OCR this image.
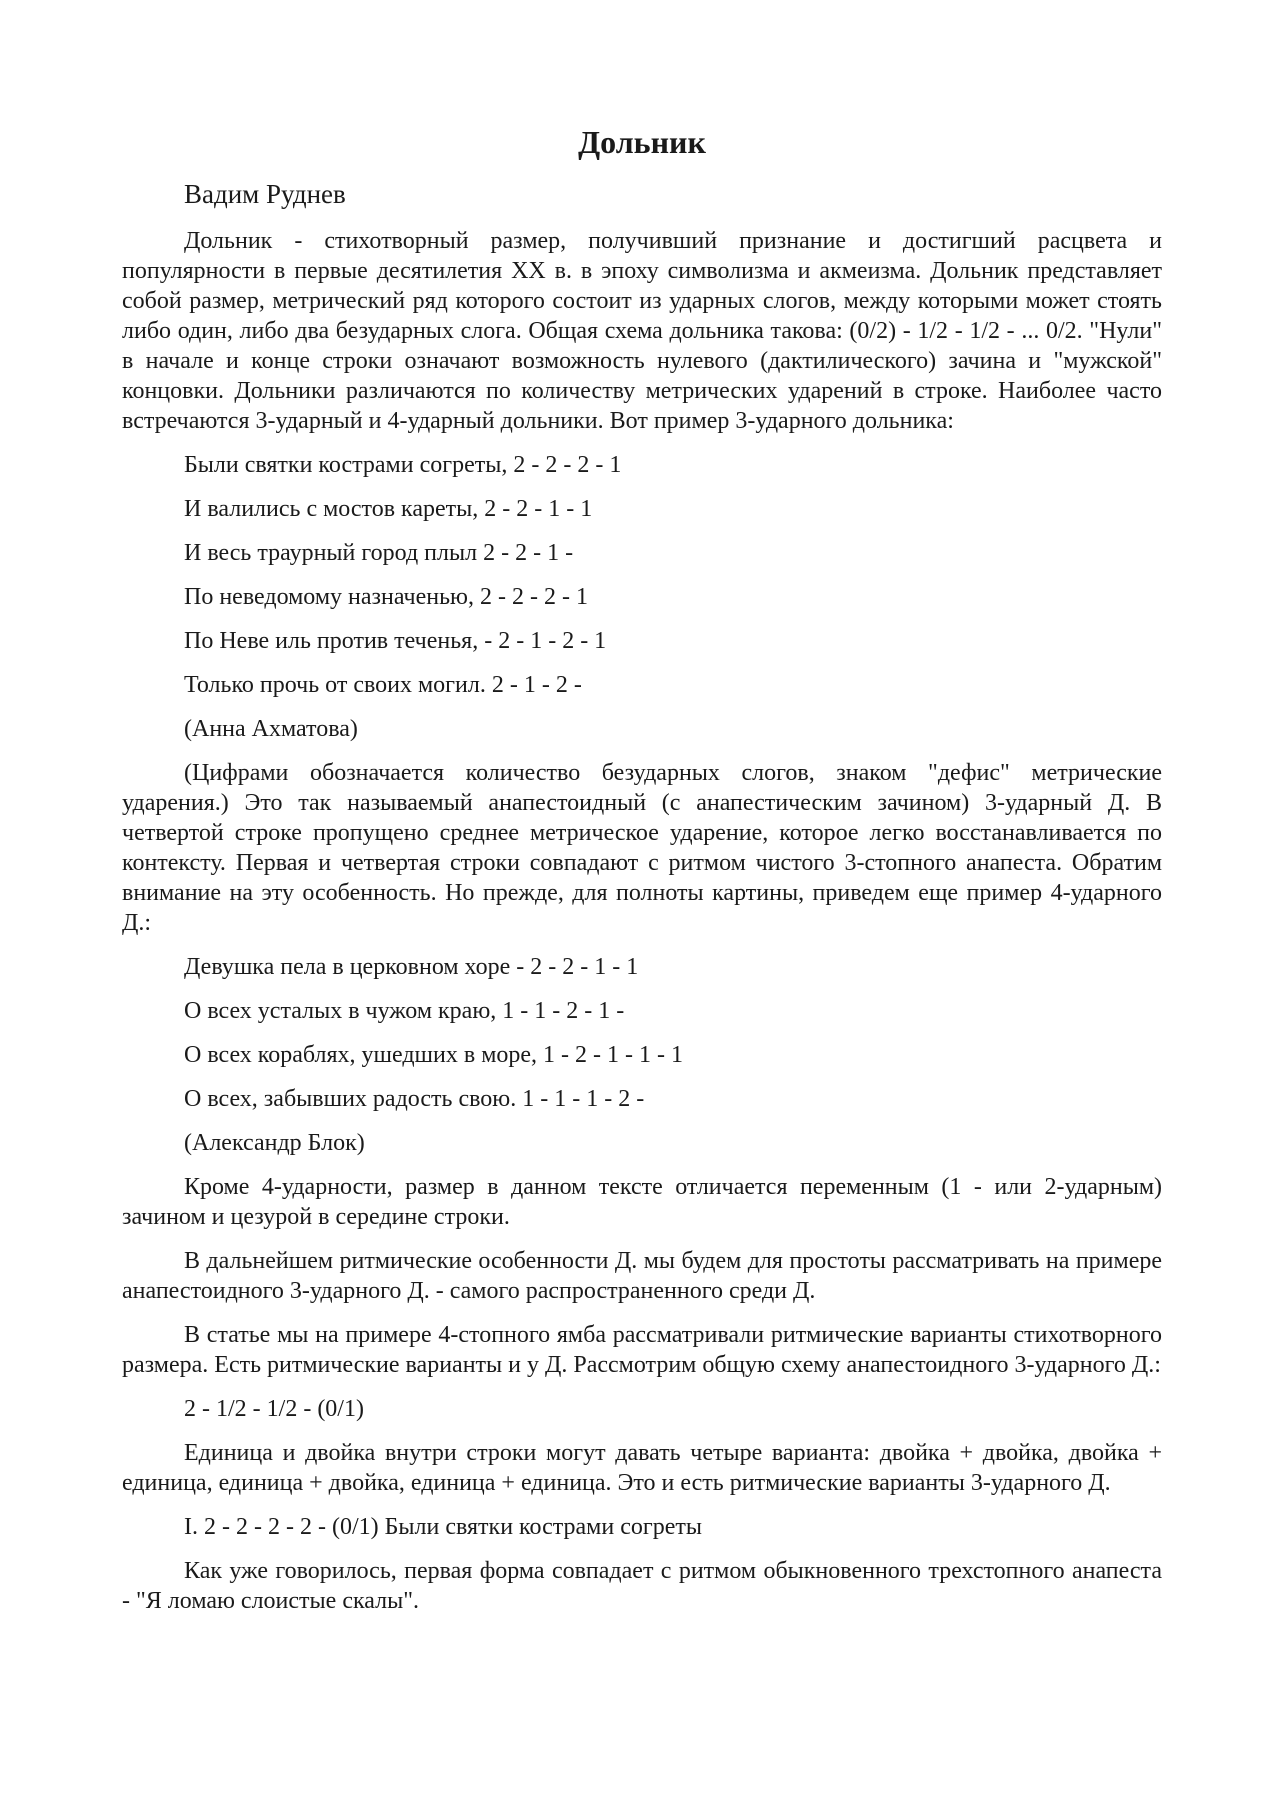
Дольник
Вадим Руднев

Дольник - стихотворный размер, получивший признание и достигший расцвета и популярности в первые десятилетия XX в. в эпоху символизма и акмеизма. Дольник представляет собой размер, метрический ряд которого состоит из ударных слогов, между которыми может стоять либо один, либо два безударных слога. Общая схема дольника такова: (0/2) - 1/2 - 1/2 - ... 0/2. "Нули" в начале и конце строки означают возможность нулевого (дактилического) зачина и "мужской" концовки. Дольники различаются по количеству метрических ударений в строке. Наиболее часто встречаются 3-ударный и 4-ударный дольники. Вот пример 3-ударного дольника:

Были святки кострами согреты, 2 - 2 - 2 - 1
И валились с мостов кареты, 2 - 2 - 1 - 1
И весь траурный город плыл 2 - 2 - 1 -
По неведомому назначенью, 2 - 2 - 2 - 1
По Неве иль против теченья, - 2 - 1 - 2 - 1
Только прочь от своих могил. 2 - 1 - 2 -
(Анна Ахматова)

(Цифрами обозначается количество безударных слогов, знаком "дефис" метрические ударения.) Это так называемый анапестоидный (с анапестическим зачином) 3-ударный Д. В четвертой строке пропущено среднее метрическое ударение, которое легко восстанавливается по контексту. Первая и четвертая строки совпадают с ритмом чистого 3-стопного анапеста. Обратим внимание на эту особенность. Но прежде, для полноты картины, приведем еще пример 4-ударного Д.:

Девушка пела в церковном хоре - 2 - 2 - 1 - 1
О всех усталых в чужом краю, 1 - 1 - 2 - 1 -
О всех кораблях, ушедших в море, 1 - 2 - 1 - 1 - 1
О всех, забывших радость свою. 1 - 1 - 1 - 2 -
(Александр Блок)

Кроме 4-ударности, размер в данном тексте отличается переменным (1 - или 2-ударным) зачином и цезурой в середине строки.

В дальнейшем ритмические особенности Д. мы будем для простоты рассматривать на примере анапестоидного 3-ударного Д. - самого распространенного среди Д.

В статье мы на примере 4-стопного ямба рассматривали ритмические варианты стихотворного размера. Есть ритмические варианты и у Д. Рассмотрим общую схему анапестоидного 3-ударного Д.:

2 - 1/2 - 1/2 - (0/1)

Единица и двойка внутри строки могут давать четыре варианта: двойка + двойка, двойка + единица, единица + двойка, единица + единица. Это и есть ритмические варианты 3-ударного Д.

I. 2 - 2 - 2 - 2 - (0/1) Были святки кострами согреты

Как уже говорилось, первая форма совпадает с ритмом обыкновенного трехстопного анапеста - "Я ломаю слоистые скалы".
